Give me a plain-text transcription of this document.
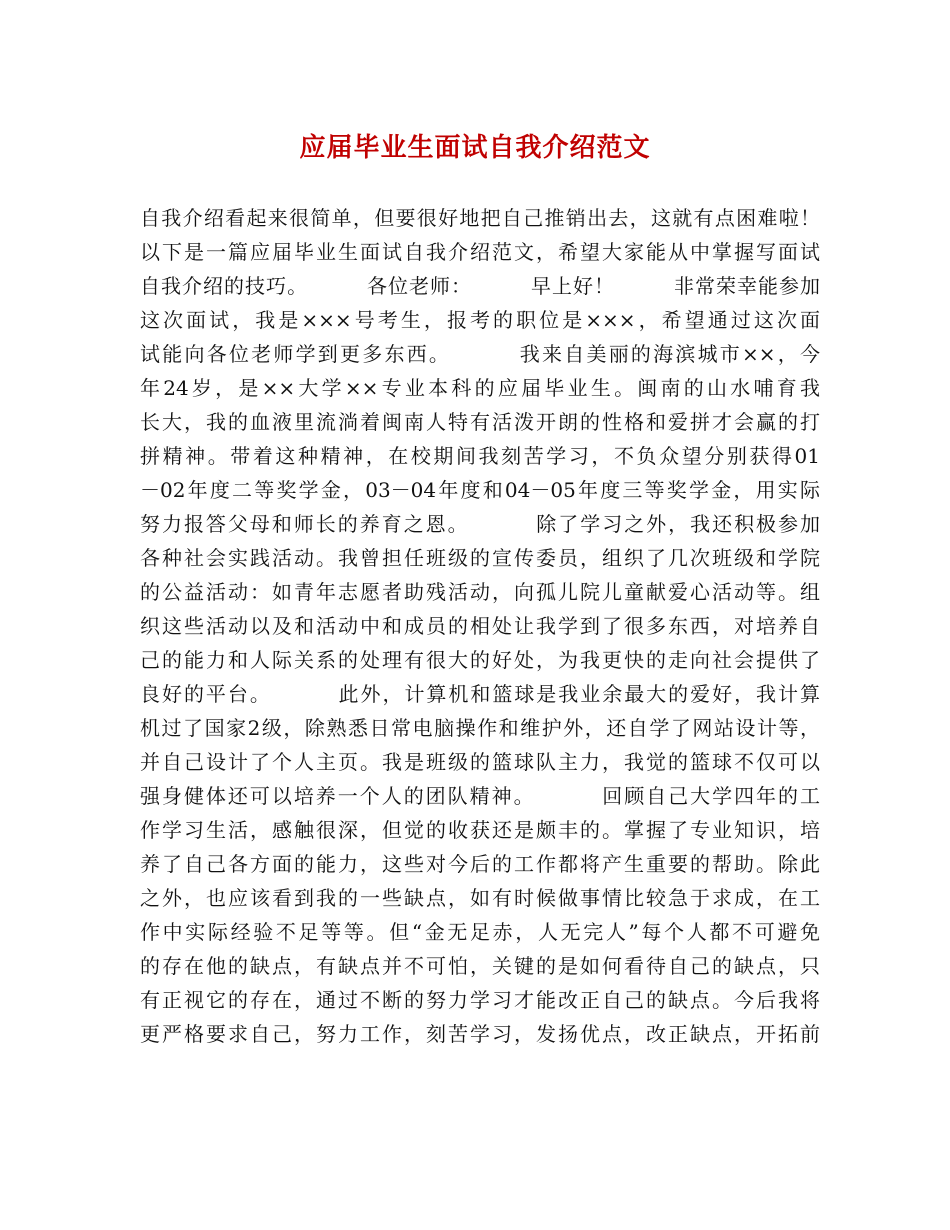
应届毕业生面试自我介绍范文
自我介绍看起来很简单，但要很好地把自己推销出去，这就有点困难啦！
以下是一篇应届毕业生面试自我介绍范文，希望大家能从中掌握写面试
自我介绍的技巧。        各位老师：        早上好！        非常荣幸能参加
这次面试，我是×××号考生，报考的职位是×××，希望通过这次面
试能向各位老师学到更多东西。        我来自美丽的海滨城市××，今
年24岁，是××大学××专业本科的应届毕业生。闽南的山水哺育我
长大，我的血液里流淌着闽南人特有活泼开朗的性格和爱拼才会赢的打
拼精神。带着这种精神，在校期间我刻苦学习，不负众望分别获得01
－02年度二等奖学金，03－04年度和04－05年度三等奖学金，用实际
努力报答父母和师长的养育之恩。        除了学习之外，我还积极参加
各种社会实践活动。我曾担任班级的宣传委员，组织了几次班级和学院
的公益活动：如青年志愿者助残活动，向孤儿院儿童献爱心活动等。组
织这些活动以及和活动中和成员的相处让我学到了很多东西，对培养自
己的能力和人际关系的处理有很大的好处，为我更快的走向社会提供了
良好的平台。        此外，计算机和篮球是我业余最大的爱好，我计算
机过了国家2级，除熟悉日常电脑操作和维护外，还自学了网站设计等，
并自己设计了个人主页。我是班级的篮球队主力，我觉的篮球不仅可以
强身健体还可以培养一个人的团队精神。        回顾自己大学四年的工
作学习生活，感触很深，但觉的收获还是颇丰的。掌握了专业知识，培
养了自己各方面的能力，这些对今后的工作都将产生重要的帮助。除此
之外，也应该看到我的一些缺点，如有时候做事情比较急于求成，在工
作中实际经验不足等等。但“金无足赤，人无完人”每个人都不可避免
的存在他的缺点，有缺点并不可怕，关键的是如何看待自己的缺点，只
有正视它的存在，通过不断的努力学习才能改正自己的缺点。今后我将
更严格要求自己，努力工作，刻苦学习，发扬优点，改正缺点，开拓前
